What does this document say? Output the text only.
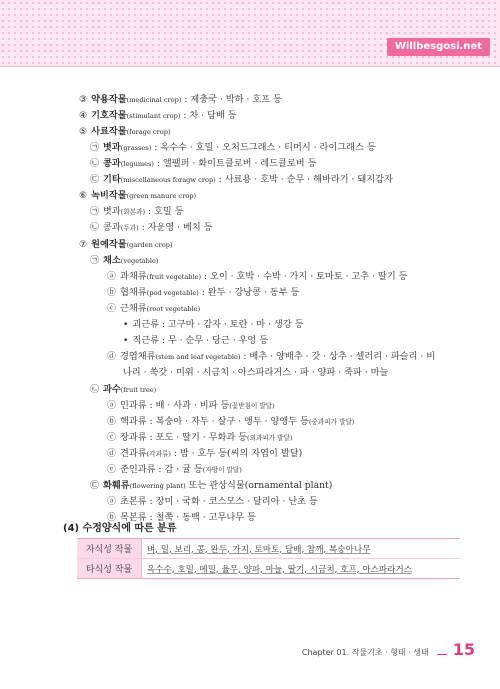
Willbesgosi.net
③ 약용작물(medicinal crop) : 제충국 · 박하 · 호프 등
④ 기호작물(stimulant crop) : 차 · 담배 등
⑤ 사료작물(forage crop)
㉠ 볏과(grasses) : 옥수수 · 호밀 · 오처드그래스 · 티머시 · 라이그래스 등
㉡ 콩과(legumes) : 앨팰퍼 · 화이트클로버 · 레드클로버 등
㉢ 기타(miscellaneous foragw crop) : 사료용 · 호박 · 순무 · 해바라기 · 돼지감자
⑥ 녹비작물(green manure crop)
㉠ 볏과(화본과) : 호밀 등
㉡ 콩과(두과) : 자운영 · 베치 등
⑦ 원예작물(garden crop)
㉠ 채소(vegetable)
ⓐ 과채류(fruit vegetable) : 오이 · 호박 · 수박 · 가지 · 토마토 · 고추 · 딸기 등
ⓑ 협채류(pod vegetable) : 완두 · 강낭콩 · 동부 등
ⓒ 근채류(root vegetable)
• 괴근류 : 고구마 · 감자 · 토란 · 마 · 생강 등
• 직근류 : 무 · 순무 · 당근 · 우엉 등
ⓓ 경엽채류(stem and leaf vegetable) : 배추 · 양배추 · 갓 · 상추 · 셀러리 · 파슬리 · 비
나리 · 쑥갓 · 미위 · 시금치 · 아스파라거스 · 파 · 양파 · 죽파 · 마늘
㉡ 과수(fruit tree)
ⓐ 인과류 : 배 · 사과 · 비파 등(꽃받침이 발달)
ⓑ 핵과류 : 복숭아 · 자두 · 살구 · 앵두 · 양앵두 등(중과피가 발달)
ⓒ 장과류 : 포도 · 딸기 · 무화과 등(외과피가 발달)
ⓓ 견과류(각과류) : 밤 · 호두 등(씨의 자엽이 발달)
ⓔ 준인과류 : 감 · 귤 등(자방이 발달)
㉢ 화훼류(flowering plant) 또는 관상식물(ornamental plant)
ⓐ 초본류 : 장미 · 국화 · 코스모스 · 달리아 · 난초 등
ⓑ 목본류 : 철쭉 · 동백 · 고무나무 등
(4) 수정양식에 따른 분류
자식성 작물	벼, 밀, 보리, 콩, 완두, 가지, 토마토, 담배, 참깨, 복숭아나무
타식성 작물	옥수수, 호밀, 메밀, 율무, 양파, 마늘, 딸기, 시금치, 호프, 아스파라거스
Chapter 01. 작물기초 · 형태 · 생태 15
